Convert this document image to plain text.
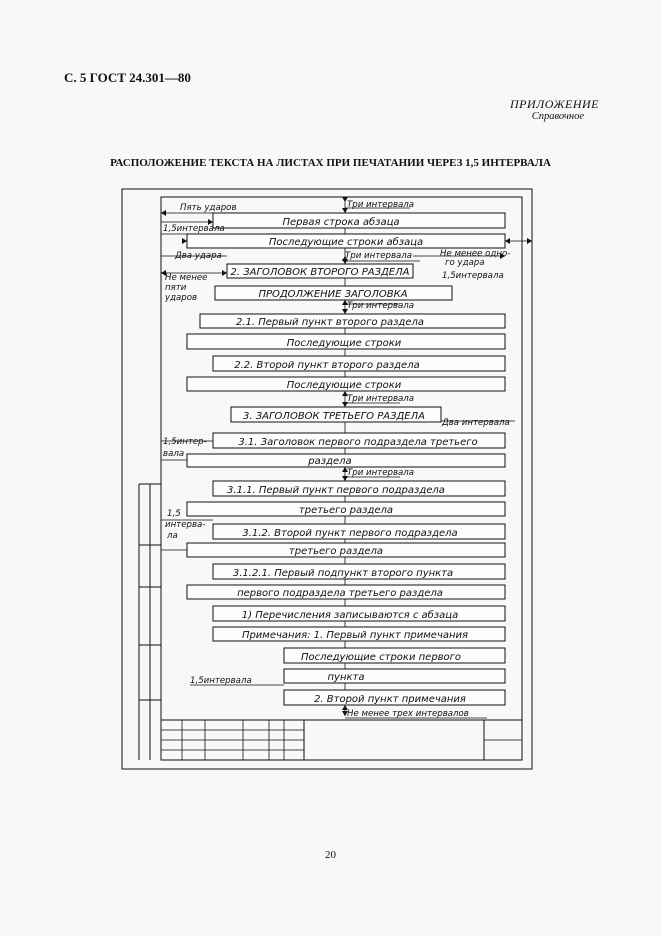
С. 5 ГОСТ 24.301—80
ПРИЛОЖЕНИЕ
Справочное
РАСПОЛОЖЕНИЕ ТЕКСТА НА ЛИСТАХ ПРИ ПЕЧАТАНИИ ЧЕРЕЗ 1,5 ИНТЕРВАЛА
Первая строка абзаца
Последующие строки абзаца
2. ЗАГОЛОВОК ВТОРОГО РАЗДЕЛА
ПРОДОЛЖЕНИЕ ЗАГОЛОВКА
2.1. Первый пункт второго раздела
Последующие строки
2.2. Второй пункт второго раздела
Последующие строки
3. ЗАГОЛОВОК ТРЕТЬЕГО РАЗДЕЛА
3.1. Заголовок первого подраздела третьего
раздела
3.1.1. Первый пункт первого подраздела
третьего раздела
3.1.2. Второй пункт первого подраздела
третьего раздела
3.1.2.1. Первый подпункт второго пункта
первого подраздела третьего раздела
1) Перечисления записываются с абзаца
Примечания: 1. Первый пункт примечания
Последующие строки первого
пункта
2. Второй пункт примечания
Пять ударов	Три интервала
1,5интервала
Два удара	Три интервала	Не менее одно-
го удара
1,5интервала
Не менее
пяти
ударов
Три интервала
Три интервала
Два интервала
1,5интер-
вала
Три интервала
1,5
интерва-
ла
1,5интервала
Не менее трех интервалов
20
